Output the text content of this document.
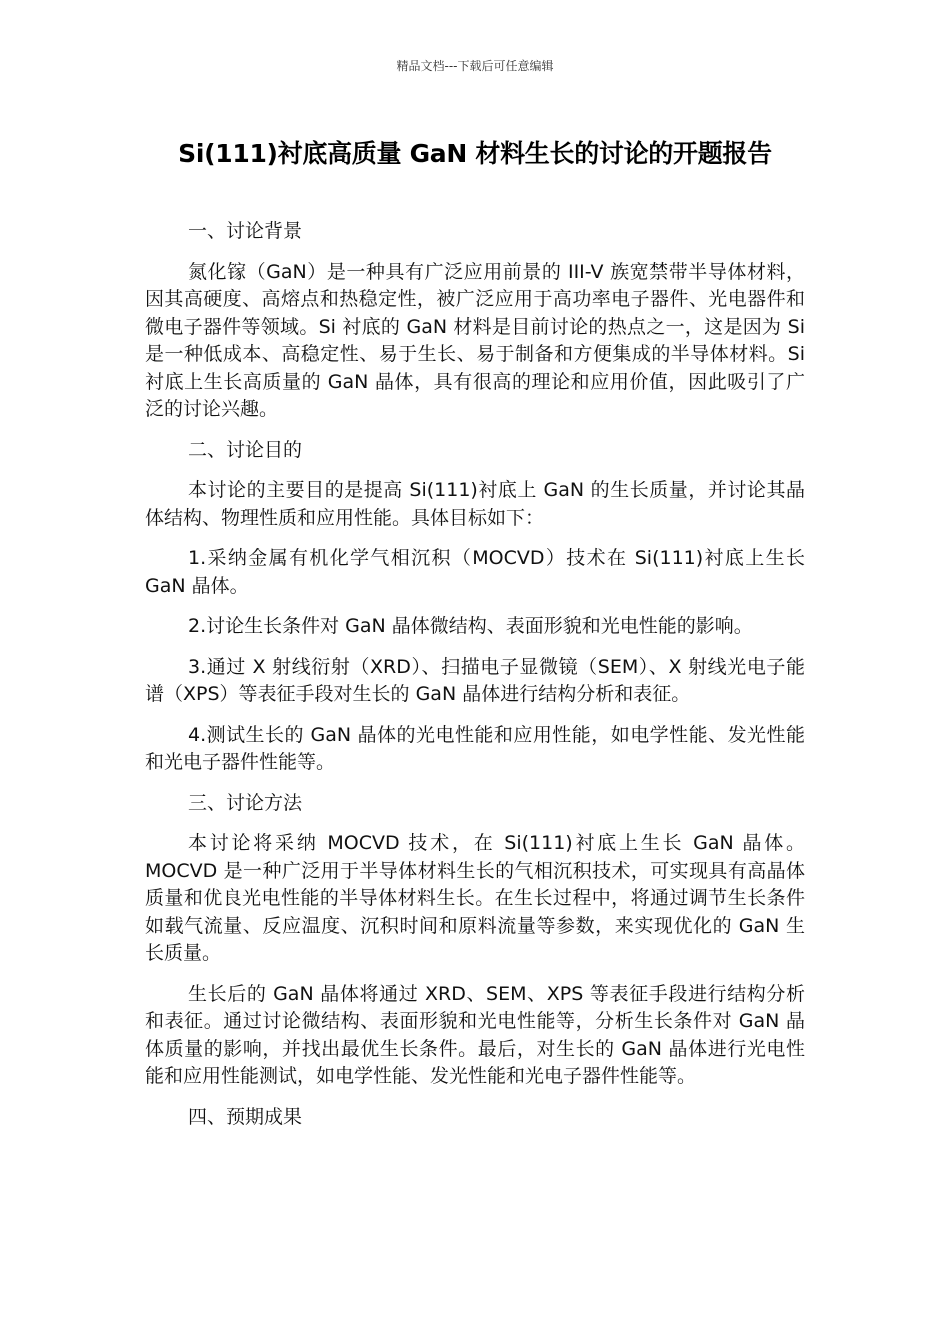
精品文档---下载后可任意编辑
Si(111)衬底高质量 GaN 材料生长的讨论的开题报告

一、讨论背景

氮化镓（GaN）是一种具有广泛应用前景的 III-V 族宽禁带半导体材料，因其高硬度、高熔点和热稳定性，被广泛应用于高功率电子器件、光电器件和微电子器件等领域。Si 衬底的 GaN 材料是目前讨论的热点之一，这是因为 Si 是一种低成本、高稳定性、易于生长、易于制备和方便集成的半导体材料。Si 衬底上生长高质量的 GaN 晶体，具有很高的理论和应用价值，因此吸引了广泛的讨论兴趣。

二、讨论目的

本讨论的主要目的是提高 Si(111)衬底上 GaN 的生长质量，并讨论其晶体结构、物理性质和应用性能。具体目标如下：

1.采纳金属有机化学气相沉积（MOCVD）技术在 Si(111)衬底上生长 GaN 晶体。

2.讨论生长条件对 GaN 晶体微结构、表面形貌和光电性能的影响。

3.通过 X 射线衍射（XRD）、扫描电子显微镜（SEM）、X 射线光电子能谱（XPS）等表征手段对生长的 GaN 晶体进行结构分析和表征。

4.测试生长的 GaN 晶体的光电性能和应用性能，如电学性能、发光性能和光电子器件性能等。

三、讨论方法

本讨论将采纳 MOCVD 技术，在 Si(111)衬底上生长 GaN 晶体。MOCVD 是一种广泛用于半导体材料生长的气相沉积技术，可实现具有高晶体质量和优良光电性能的半导体材料生长。在生长过程中，将通过调节生长条件如载气流量、反应温度、沉积时间和原料流量等参数，来实现优化的 GaN 生长质量。

生长后的 GaN 晶体将通过 XRD、SEM、XPS 等表征手段进行结构分析和表征。通过讨论微结构、表面形貌和光电性能等，分析生长条件对 GaN 晶体质量的影响，并找出最优生长条件。最后，对生长的 GaN 晶体进行光电性能和应用性能测试，如电学性能、发光性能和光电子器件性能等。

四、预期成果
